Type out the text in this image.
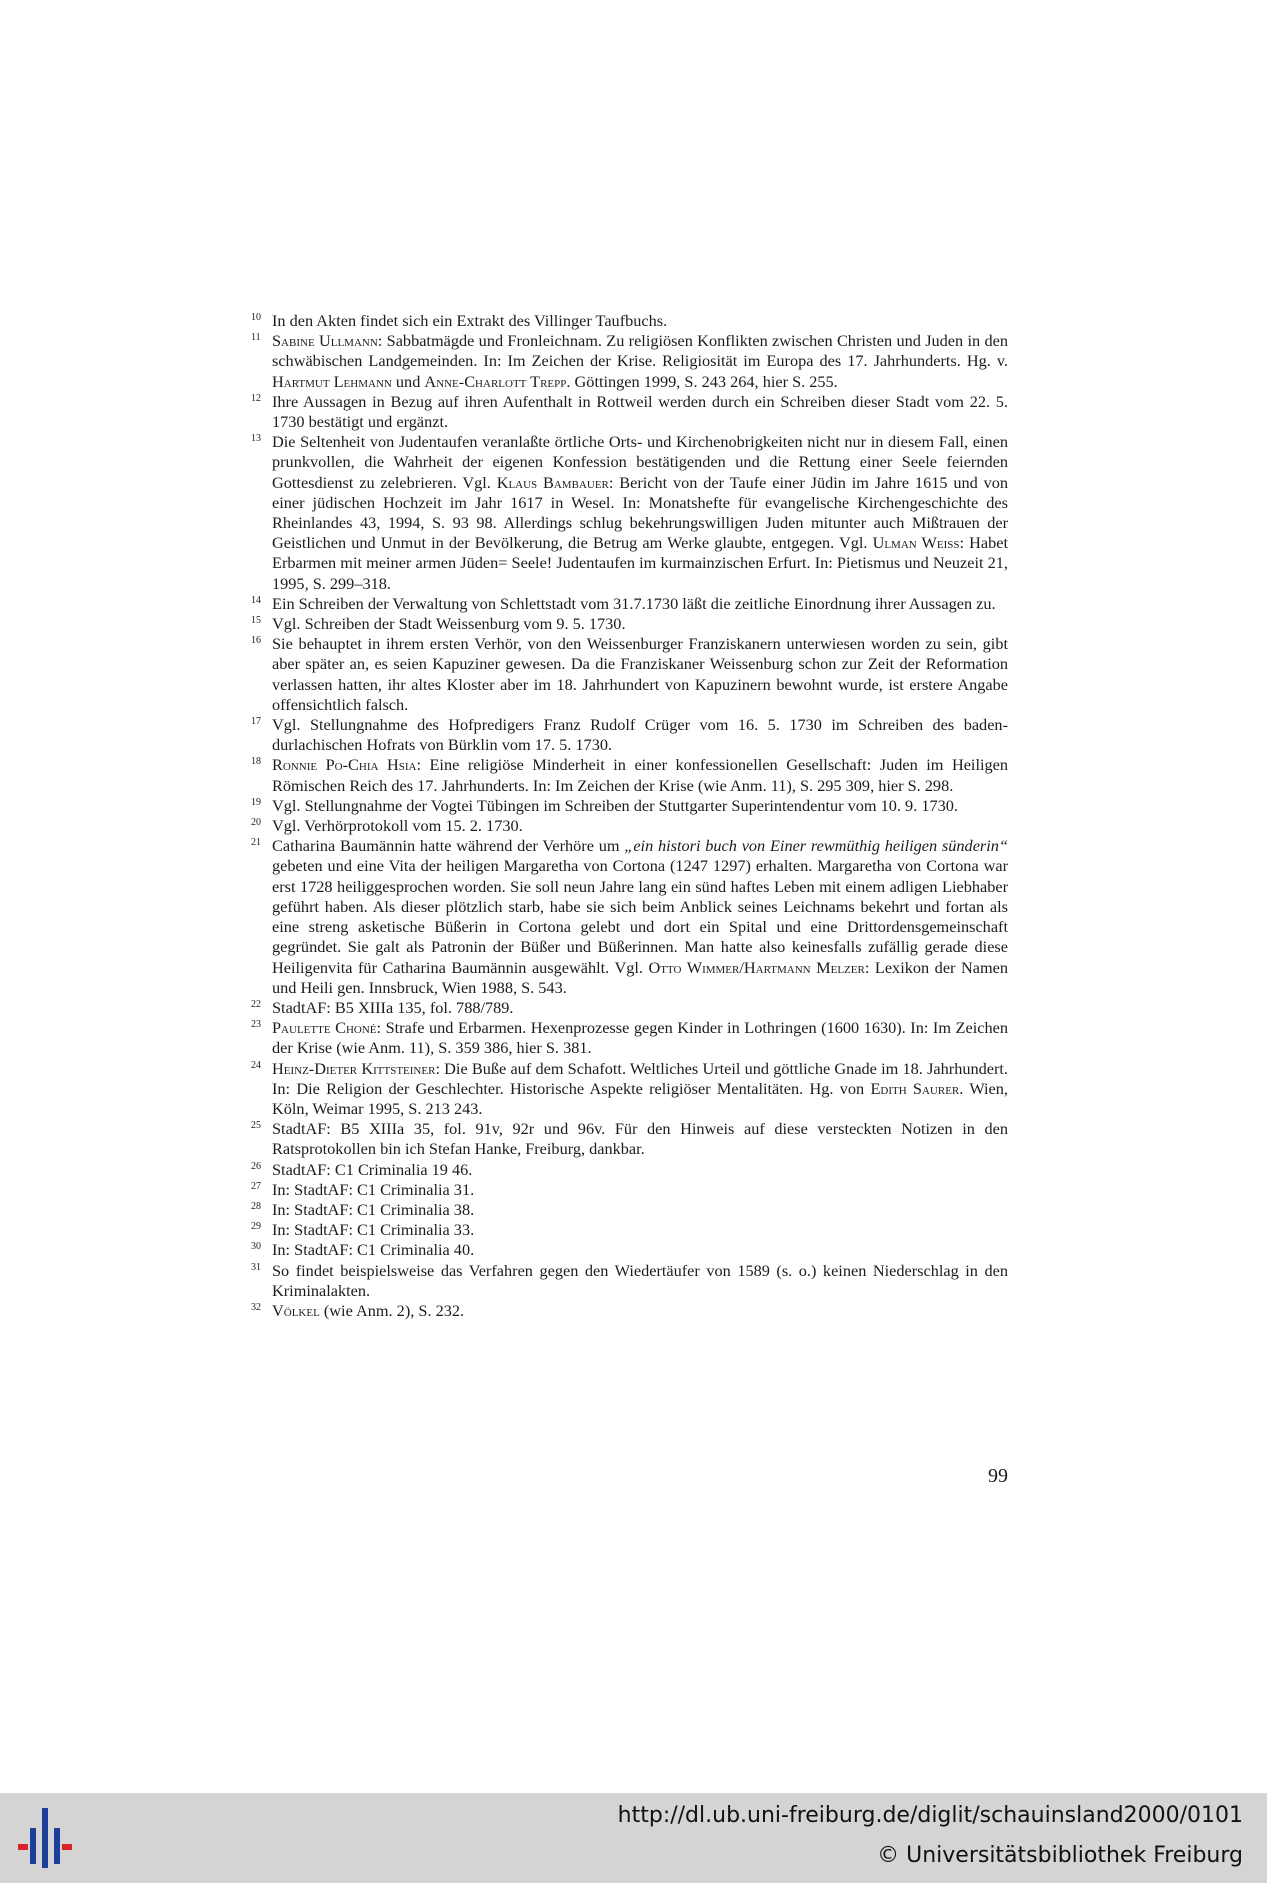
10 In den Akten findet sich ein Extrakt des Villinger Taufbuchs.
11 Sabine Ullmann: Sabbatmägde und Fronleichnam. Zu religiösen Konflikten zwischen Christen und Juden in den schwäbischen Landgemeinden. In: Im Zeichen der Krise. Religiosität im Europa des 17. Jahrhunderts. Hg. v. Hartmut Lehmann und Anne-Charlott Trepp. Göttingen 1999, S. 243 264, hier S. 255.
12 Ihre Aussagen in Bezug auf ihren Aufenthalt in Rottweil werden durch ein Schreiben dieser Stadt vom 22. 5. 1730 bestätigt und ergänzt.
13 Die Seltenheit von Judentaufen veranlaßte örtliche Orts- und Kirchenobrigkeiten nicht nur in diesem Fall, einen prunkvollen, die Wahrheit der eigenen Konfession bestätigenden und die Rettung einer Seele feiernden Gottesdienst zu zelebrieren. Vgl. Klaus Bambauer: Bericht von der Taufe einer Jüdin im Jahre 1615 und von einer jüdischen Hochzeit im Jahr 1617 in Wesel. In: Monatshefte für evangelische Kirchengeschichte des Rheinlandes 43, 1994, S. 93 98. Allerdings schlug bekehrungswilligen Juden mitunter auch Mißtrauen der Geistlichen und Unmut in der Bevölkerung, die Betrug am Werke glaubte, entgegen. Vgl. Ulman Weiss: Habet Erbarmen mit meiner armen Jüden= Seele! Judentaufen im kurmainzischen Erfurt. In: Pietismus und Neuzeit 21, 1995, S. 299–318.
14 Ein Schreiben der Verwaltung von Schlettstadt vom 31.7.1730 läßt die zeitliche Einordnung ihrer Aussagen zu.
15 Vgl. Schreiben der Stadt Weissenburg vom 9. 5. 1730.
16 Sie behauptet in ihrem ersten Verhör, von den Weissenburger Franziskanern unterwiesen worden zu sein, gibt aber später an, es seien Kapuziner gewesen. Da die Franziskaner Weissenburg schon zur Zeit der Reformation verlassen hatten, ihr altes Kloster aber im 18. Jahrhundert von Kapuzinern bewohnt wurde, ist erstere Angabe offensichtlich falsch.
17 Vgl. Stellungnahme des Hofpredigers Franz Rudolf Crüger vom 16. 5. 1730 im Schreiben des baden-durlachischen Hofrats von Bürklin vom 17. 5. 1730.
18 Ronnie Po-Chia Hsia: Eine religiöse Minderheit in einer konfessionellen Gesellschaft: Juden im Heiligen Römischen Reich des 17. Jahrhunderts. In: Im Zeichen der Krise (wie Anm. 11), S. 295 309, hier S. 298.
19 Vgl. Stellungnahme der Vogtei Tübingen im Schreiben der Stuttgarter Superintendentur vom 10. 9. 1730.
20 Vgl. Verhörprotokoll vom 15. 2. 1730.
21 Catharina Baumännin hatte während der Verhöre um „ein histori buch von Einer rewmüthig heiligen sünderin“ gebeten und eine Vita der heiligen Margaretha von Cortona (1247 1297) erhalten. Margaretha von Cortona war erst 1728 heiliggesprochen worden. Sie soll neun Jahre lang ein sünd haftes Leben mit einem adligen Liebhaber geführt haben. Als dieser plötzlich starb, habe sie sich beim Anblick seines Leichnams bekehrt und fortan als eine streng asketische Büßerin in Cortona gelebt und dort ein Spital und eine Drittordensgemeinschaft gegründet. Sie galt als Patronin der Büßer und Büßerinnen. Man hatte also keinesfalls zufällig gerade diese Heiligenvita für Catharina Baumännin ausgewählt. Vgl. Otto Wimmer/Hartmann Melzer: Lexikon der Namen und Heili gen. Innsbruck, Wien 1988, S. 543.
22 StadtAF: B5 XIIIa 135, fol. 788/789.
23 Paulette Choné: Strafe und Erbarmen. Hexenprozesse gegen Kinder in Lothringen (1600 1630). In: Im Zeichen der Krise (wie Anm. 11), S. 359 386, hier S. 381.
24 Heinz-Dieter Kittsteiner: Die Buße auf dem Schafott. Weltliches Urteil und göttliche Gnade im 18. Jahrhundert. In: Die Religion der Geschlechter. Historische Aspekte religiöser Mentalitäten. Hg. von Edith Saurer. Wien, Köln, Weimar 1995, S. 213 243.
25 StadtAF: B5 XIIIa 35, fol. 91v, 92r und 96v. Für den Hinweis auf diese versteckten Notizen in den Ratsprotokollen bin ich Stefan Hanke, Freiburg, dankbar.
26 StadtAF: C1 Criminalia 19 46.
27 In: StadtAF: C1 Criminalia 31.
28 In: StadtAF: C1 Criminalia 38.
29 In: StadtAF: C1 Criminalia 33.
30 In: StadtAF: C1 Criminalia 40.
31 So findet beispielsweise das Verfahren gegen den Wiedertäufer von 1589 (s. o.) keinen Niederschlag in den Kriminalakten.
32 Völkel (wie Anm. 2), S. 232.
99
http://dl.ub.uni-freiburg.de/diglit/schauinsland2000/0101
© Universitätsbibliothek Freiburg
